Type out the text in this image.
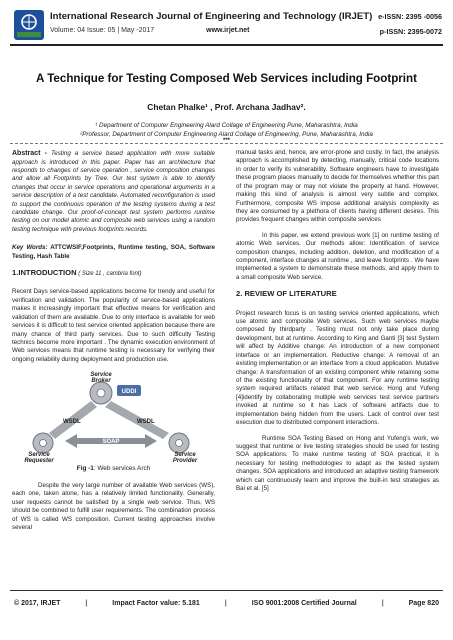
International Research Journal of Engineering and Technology (IRJET)
Volume: 04 Issue: 05 | May -2017	www.irjet.net
e-ISSN: 2395 -0056
p-ISSN: 2395-0072
A Technique for Testing Composed Web Services including Footprint
Chetan Phalke¹ , Prof. Archana Jadhav².
¹ Department of Computer Engineering Alard Collage of Engineering Pune, Maharashtra, India
²Professor, Department of Computer Engineering Alard Collage of Engineering, Pune, Maharashtra, India
***

Abstract - Testing a service based application with more suitable approach is introduced in this paper. Paper has an architecture that responds to changes of service operation , service composition changes and allow all Footprints by Tree. Our test system is able to identify changes that occur in service operations and operational arguments in a service description of a test candidate. Automated reconfiguration is used to support the continuous operation of the testing systems during a test candidate change. Our proof-of-concept test system performs runtime testing on our model atomic and composite web services using a random testing technique with previous footprints records.

Key Words: ATTCWSIF,Footprints, Runtime testing, SOA, Software Testing, Hash Table

1.INTRODUCTION ( Size 11 , cambria font)

Recent Days service-based applications become for trendy and useful for verification and validation. The popularity of service-based applications makes it increasingly important that effective means for verification and validation of them are available. Due to only interface is available for web services it is difficult to test service oriented application because there are many chance of third party services. Due to such difficulty Testing technics become more important . The dynamic execution environment of Web services means that runtime testing is necessary for verifying their ongoing reliability during deployment and production use.

UDDI
Service
Broker
WSDL	WSDL
SOAP
Service
Requester
Service
Provider
Fig -1: Web services Arch

Despite the very large number of available Web services (WS), each one, taken alone, has a relatively limited functionality. Generally, user requests cannot be satisfied by a single web service. Thus, WS should be combined to fulfill user requirements. The combination process of WS is called WS composition. Current testing approaches involve several

manual tasks and, hence, are error-prone and costly. In fact, the analysis approach is accomplished by detecting, manually, critical code locations in order to verify its vulnerability. Software engineers have to investigate these program places manually to decide for themselves whether this part of the program may or may not violate the property at hand. However, making this kind of analysis is almost very subtle and complex. Furthermore, composite WS impose additional analysis complexity as they are consumed by a plethora of clients having different desires. This provides frequent changes within composite services

In this paper, we extend previous work [1] on runtime testing of atomic Web services. Our methods allow: Identification of service composition changes, including addition, deletion, and modification of a component, interface changes at runtime , and leave footprints . We have implemented a system to demonstrate these methods, and apply them to a small composite Web service.

2. REVIEW OF LITERATURE

Project research focus is on testing service oriented applications, which use atomic and composite Web services. Such web services maybe composed by thirdparty . Testing must not only take place during development, but at runtime. According to King and Ganti [3] test System will affect by Additive change: An introduction of a new component interface or an implementation. Reductive change: A removal of an existing implementation or an interface from a cloud application. Mutative change: A transformation of an existing component while retaining some of the existing functionality of that component. For any runtime testing system required artifacts related that web service. Hong and Yufeng [4]identify by collaborating multiple web services test service partners invoked at runtime so it has Lack of software artifacts due to implementation being hidden from the users. Lack of control over test execution due to distributed component interactions.

Runtime SOA Testing Based on Hong and Yufeng’s work, we suggest that runtime or live testing strategies should be used for testing SOA applications. To make runtime testing of SOA practical, it is necessary for testing methodologies to adapt as the tested system changes. SOA applications and introduced an adaptive testing framework which can continuously learn and improve the built-in test strategies as Bai et al. [5]

© 2017, IRJET	|	Impact Factor value: 5.181	|	ISO 9001:2008 Certified Journal	|	Page 820
